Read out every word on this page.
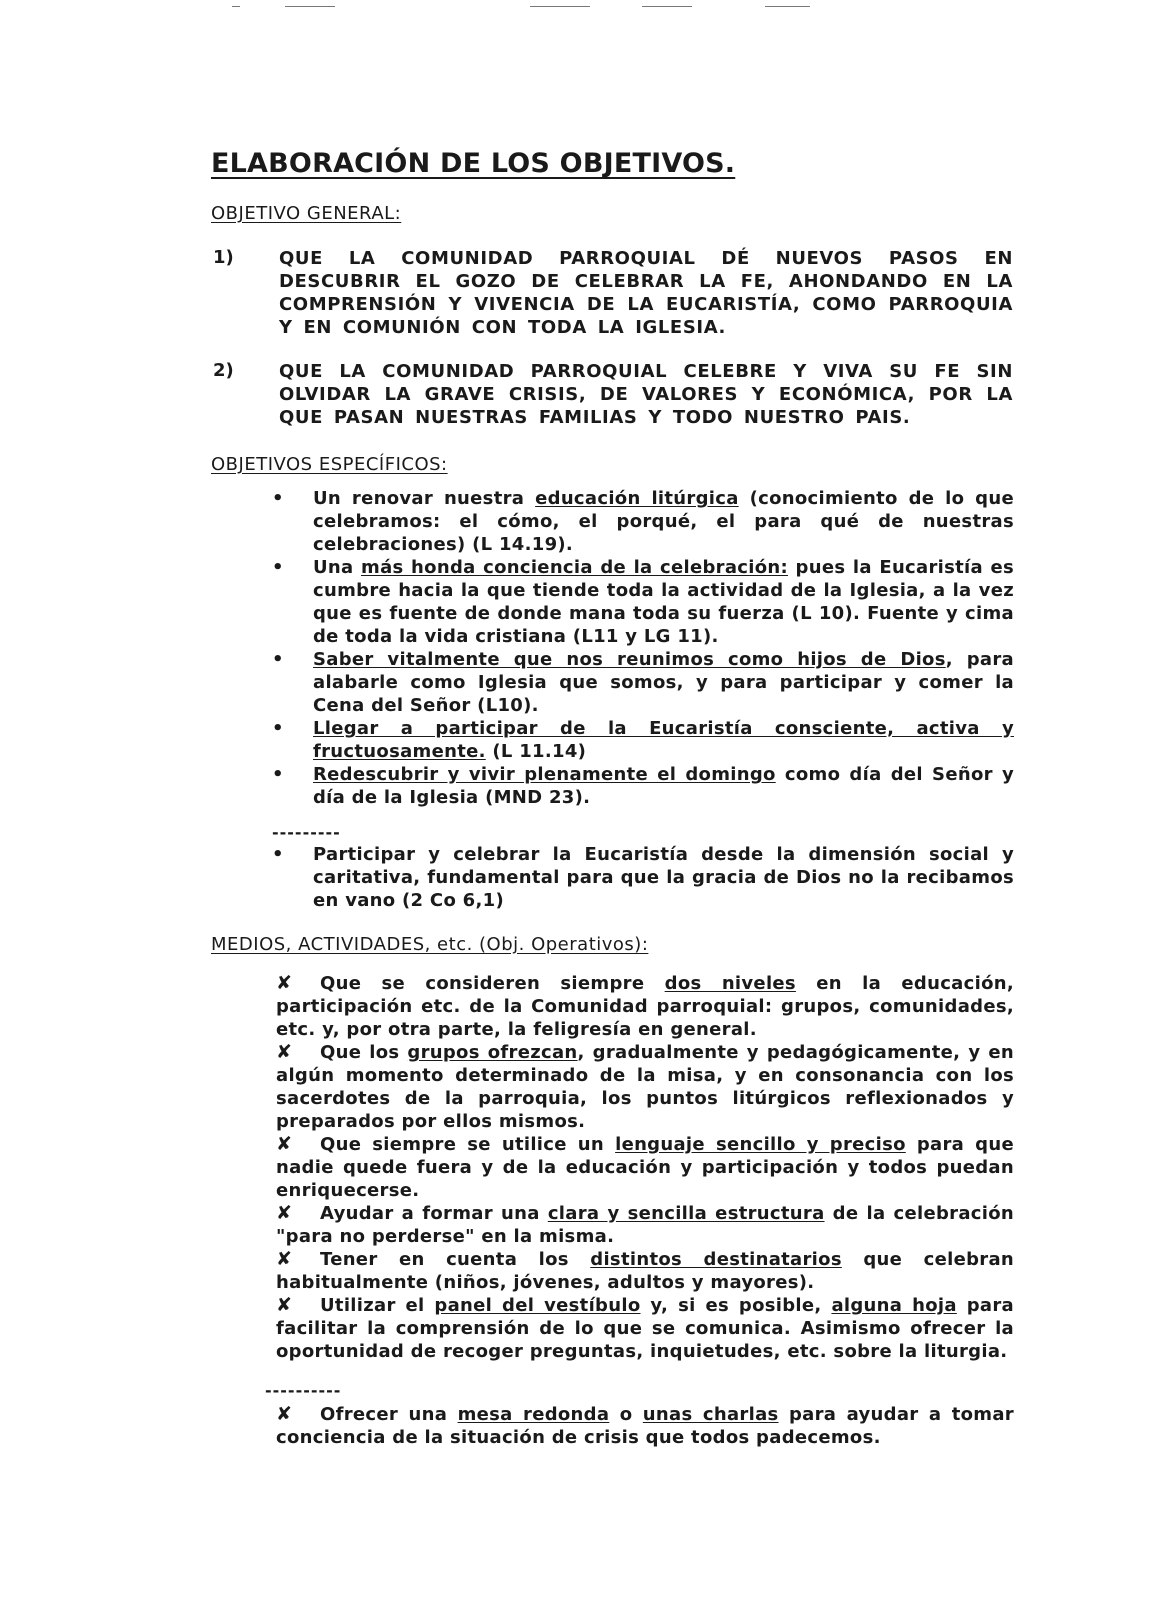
ELABORACIÓN DE LOS OBJETIVOS.
OBJETIVO GENERAL:
1)	QUE LA COMUNIDAD PARROQUIAL DÉ NUEVOS PASOS EN DESCUBRIR EL GOZO DE CELEBRAR LA FE, AHONDANDO EN LA COMPRENSIÓN Y VIVENCIA DE LA EUCARISTÍA, COMO PARROQUIA Y EN COMUNIÓN CON TODA LA IGLESIA.
2)	QUE LA COMUNIDAD PARROQUIAL CELEBRE Y VIVA SU FE SIN OLVIDAR LA GRAVE CRISIS, DE VALORES Y ECONÓMICA, POR LA QUE PASAN NUESTRAS FAMILIAS Y TODO NUESTRO PAIS.
OBJETIVOS ESPECÍFICOS:
• Un renovar nuestra educación litúrgica (conocimiento de lo que celebramos: el cómo, el porqué, el para qué de nuestras celebraciones) (L 14.19).
• Una más honda conciencia de la celebración: pues la Eucaristía es cumbre hacia la que tiende toda la actividad de la Iglesia, a la vez que es fuente de donde mana toda su fuerza (L 10). Fuente y cima de toda la vida cristiana (L11 y LG 11).
• Saber vitalmente que nos reunimos como hijos de Dios, para alabarle como Iglesia que somos, y para participar y comer la Cena del Señor (L10).
• Llegar a participar de la Eucaristía consciente, activa y fructuosamente. (L 11.14)
• Redescubrir y vivir plenamente el domingo como día del Señor y día de la Iglesia (MND 23).
---------
• Participar y celebrar la Eucaristía desde la dimensión social y caritativa, fundamental para que la gracia de Dios no la recibamos en vano (2 Co 6,1)
MEDIOS, ACTIVIDADES, etc. (Obj. Operativos):
✘ Que se consideren siempre dos niveles en la educación, participación etc. de la Comunidad parroquial: grupos, comunidades, etc. y, por otra parte, la feligresía en general.
✘ Que los grupos ofrezcan, gradualmente y pedagógicamente, y en algún momento determinado de la misa, y en consonancia con los sacerdotes de la parroquia, los puntos litúrgicos reflexionados y preparados por ellos mismos.
✘ Que siempre se utilice un lenguaje sencillo y preciso para que nadie quede fuera y de la educación y participación y todos puedan enriquecerse.
✘ Ayudar a formar una clara y sencilla estructura de la celebración "para no perderse" en la misma.
✘ Tener en cuenta los distintos destinatarios que celebran habitualmente (niños, jóvenes, adultos y mayores).
✘ Utilizar el panel del vestíbulo y, si es posible, alguna hoja para facilitar la comprensión de lo que se comunica. Asimismo ofrecer la oportunidad de recoger preguntas, inquietudes, etc. sobre la liturgia.
----------
✘ Ofrecer una mesa redonda o unas charlas para ayudar a tomar conciencia de la situación de crisis que todos padecemos.
